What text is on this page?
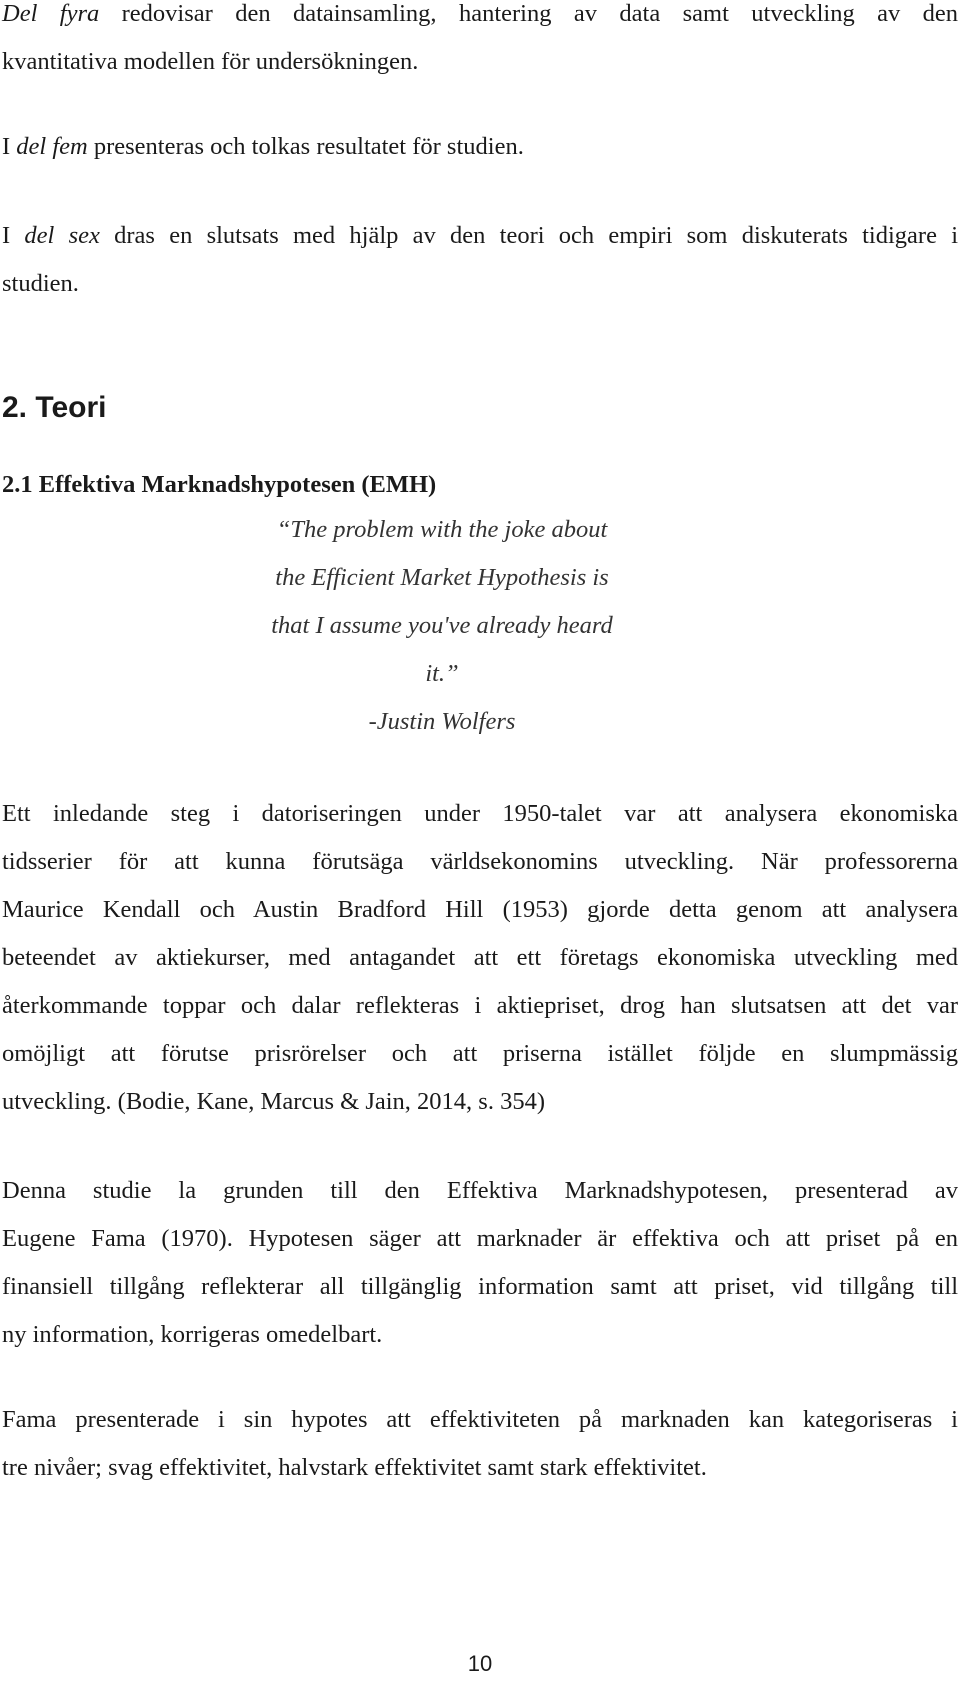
Del fyra redovisar den datainsamling, hantering av data samt utveckling av den
kvantitativa modellen för undersökningen.
I del fem presenteras och tolkas resultatet för studien.
I del sex dras en slutsats med hjälp av den teori och empiri som diskuterats tidigare i
studien.
2. Teori
2.1 Effektiva Marknadshypotesen (EMH)
“The problem with the joke about
the Efficient Market Hypothesis is
that I assume you've already heard
it.”
-Justin Wolfers
Ett inledande steg i datoriseringen under 1950-talet var att analysera ekonomiska
tidsserier för att kunna förutsäga världsekonomins utveckling. När professorerna
Maurice Kendall och Austin Bradford Hill (1953) gjorde detta genom att analysera
beteendet av aktiekurser, med antagandet att ett företags ekonomiska utveckling med
återkommande toppar och dalar reflekteras i aktiepriset, drog han slutsatsen att det var
omöjligt att förutse prisrörelser och att priserna istället följde en slumpmässig
utveckling. (Bodie, Kane, Marcus & Jain, 2014, s. 354)
Denna studie la grunden till den Effektiva Marknadshypotesen, presenterad av
Eugene Fama (1970). Hypotesen säger att marknader är effektiva och att priset på en
finansiell tillgång reflekterar all tillgänglig information samt att priset, vid tillgång till
ny information, korrigeras omedelbart.
Fama presenterade i sin hypotes att effektiviteten på marknaden kan kategoriseras i
tre nivåer; svag effektivitet, halvstark effektivitet samt stark effektivitet.
10
